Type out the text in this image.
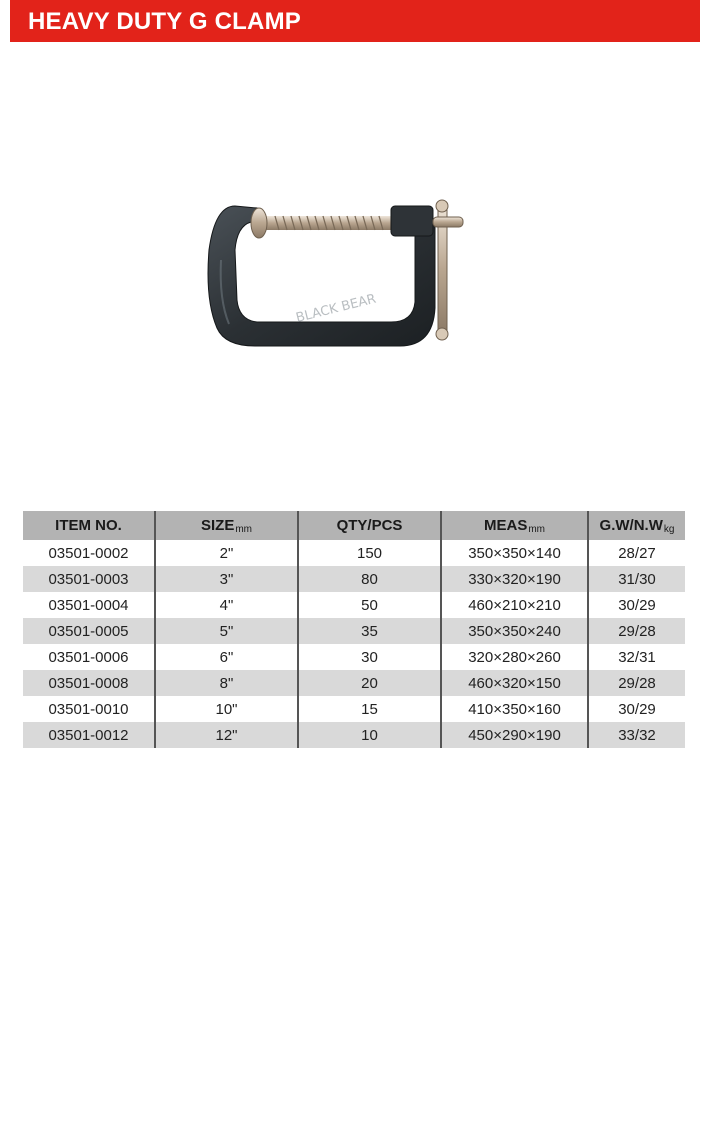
HEAVY DUTY G CLAMP
BLACK BEAR
ITEM NO.	SIZEmm	QTY/PCS	MEASmm	G.W/N.Wkg
03501-0002	2"	150	350×350×140	28/27
03501-0003	3"	80	330×320×190	31/30
03501-0004	4"	50	460×210×210	30/29
03501-0005	5"	35	350×350×240	29/28
03501-0006	6"	30	320×280×260	32/31
03501-0008	8"	20	460×320×150	29/28
03501-0010	10"	15	410×350×160	30/29
03501-0012	12"	10	450×290×190	33/32
